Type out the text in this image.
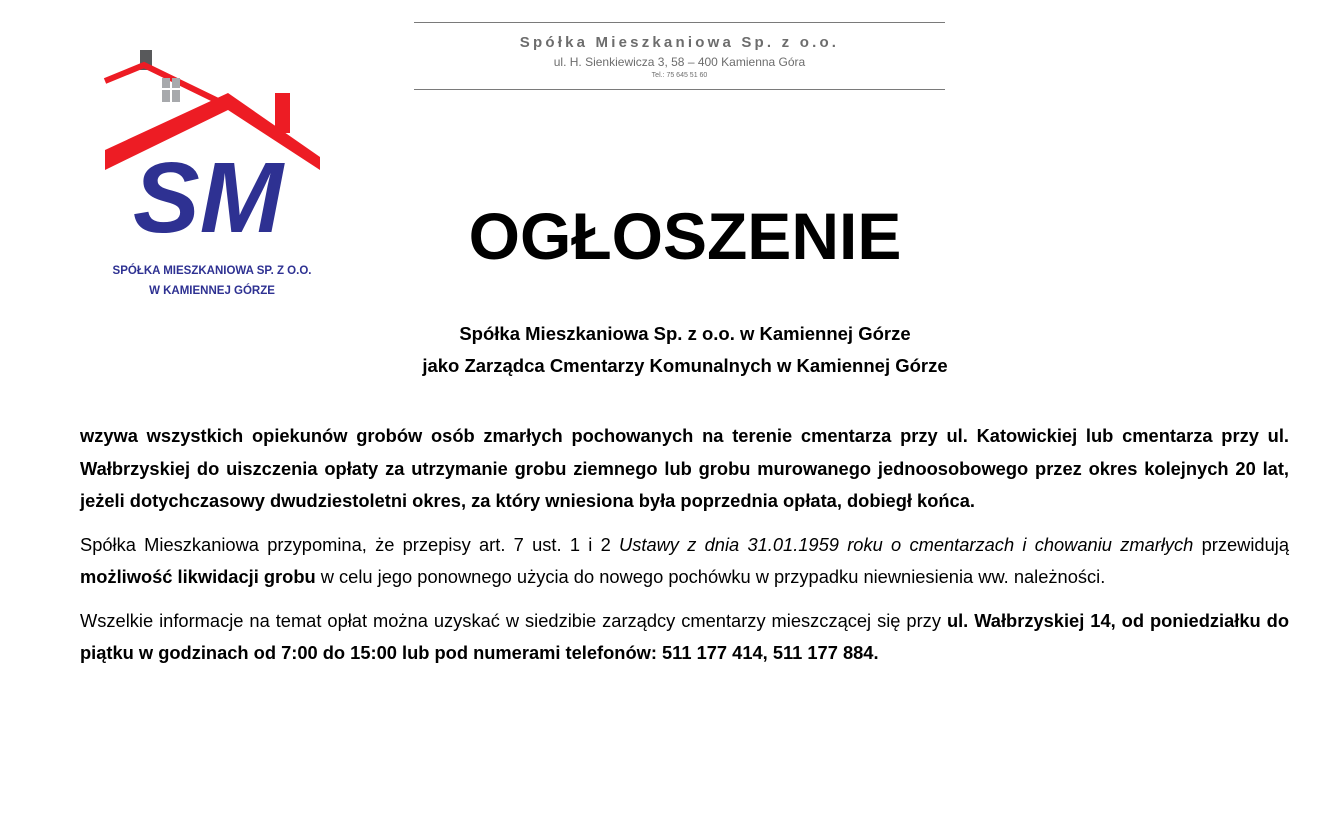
Spółka Mieszkaniowa Sp. z o.o.
ul. H. Sienkiewicza 3, 58 – 400 Kamienna Góra
Tel.: 75 645 51 60
SM
SPÓŁKA MIESZKANIOWA SP. Z O.O.
W KAMIENNEJ GÓRZE
OGŁOSZENIE
Spółka Mieszkaniowa Sp. z o.o. w Kamiennej Górze
jako Zarządca Cmentarzy Komunalnych w Kamiennej Górze

wzywa wszystkich opiekunów grobów osób zmarłych pochowanych na terenie cmentarza przy ul. Katowickiej lub cmentarza przy ul. Wałbrzyskiej do uiszczenia opłaty za utrzymanie grobu ziemnego lub grobu murowanego jednoosobowego przez okres kolejnych 20 lat, jeżeli dotychczasowy dwudziestoletni okres, za który wniesiona była poprzednia opłata, dobiegł końca.

Spółka Mieszkaniowa przypomina, że przepisy art. 7 ust. 1 i 2 Ustawy z dnia 31.01.1959 roku o cmentarzach i chowaniu zmarłych przewidują możliwość likwidacji grobu w celu jego ponownego użycia do nowego pochówku w przypadku niewniesienia ww. należności.

Wszelkie informacje na temat opłat można uzyskać w siedzibie zarządcy cmentarzy mieszczącej się przy ul. Wałbrzyskiej 14, od poniedziałku do piątku w godzinach od 7:00 do 15:00 lub pod numerami telefonów: 511 177 414, 511 177 884.
